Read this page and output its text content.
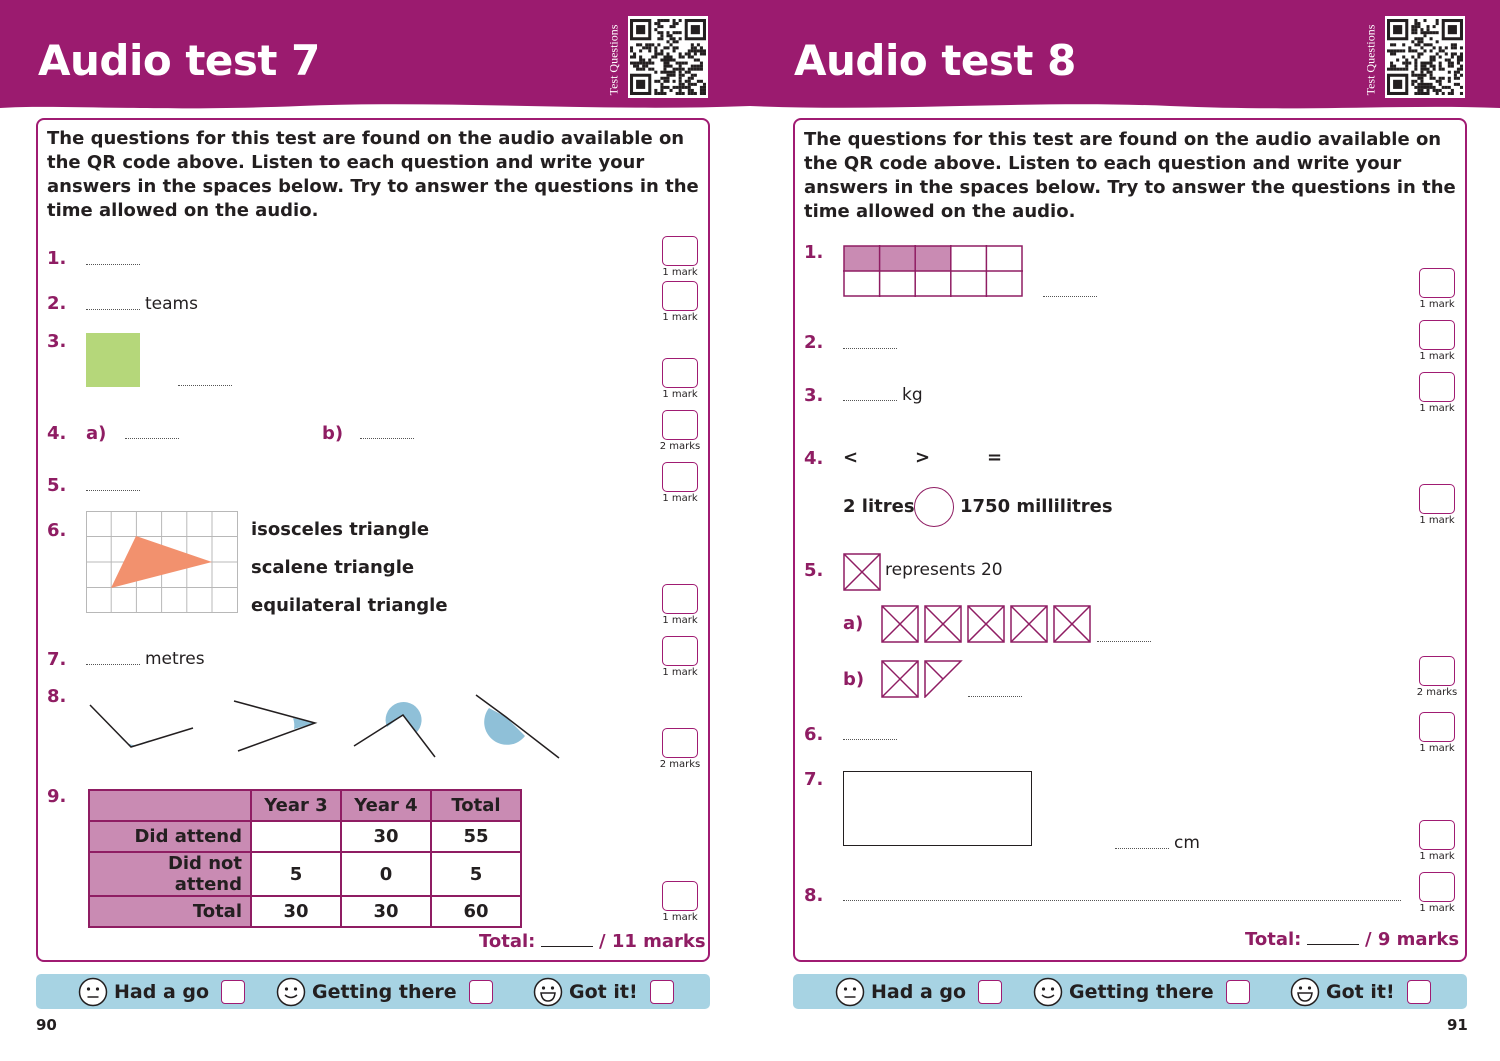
Audio test 7	Test Questions
The questions for this test are found on the audio available on the QR code above. Listen to each question and write your answers in the spaces below. Try to answer the questions in the time allowed on the audio.
1.
2.
3.
4.
5.
6.
7.
8.
9.
teams
a)	b)
isosceles triangle
scalene triangle
equilateral triangle
metres
	Year 3	Year 4	Total
Did attend		30	55
Did not attend	5	0	5
Total	30	30	60
1 mark
1 mark
1 mark
2 marks
1 mark
1 mark
1 mark
2 marks
1 mark
Total:	/ 11 marks
Had a go	Getting there	Got it!
90
Audio test 8	Test Questions
The questions for this test are found on the audio available on the QR code above. Listen to each question and write your answers in the spaces below. Try to answer the questions in the time allowed on the audio.
1.
2.
3.
4.
5.
6.
7.
8.
kg
<	>	=
2 litres	1750 millilitres
represents 20
a)
b)
cm
1 mark
1 mark
1 mark
1 mark
2 marks
1 mark
1 mark
1 mark
Total:	/ 9 marks
Had a go	Getting there	Got it!
91
